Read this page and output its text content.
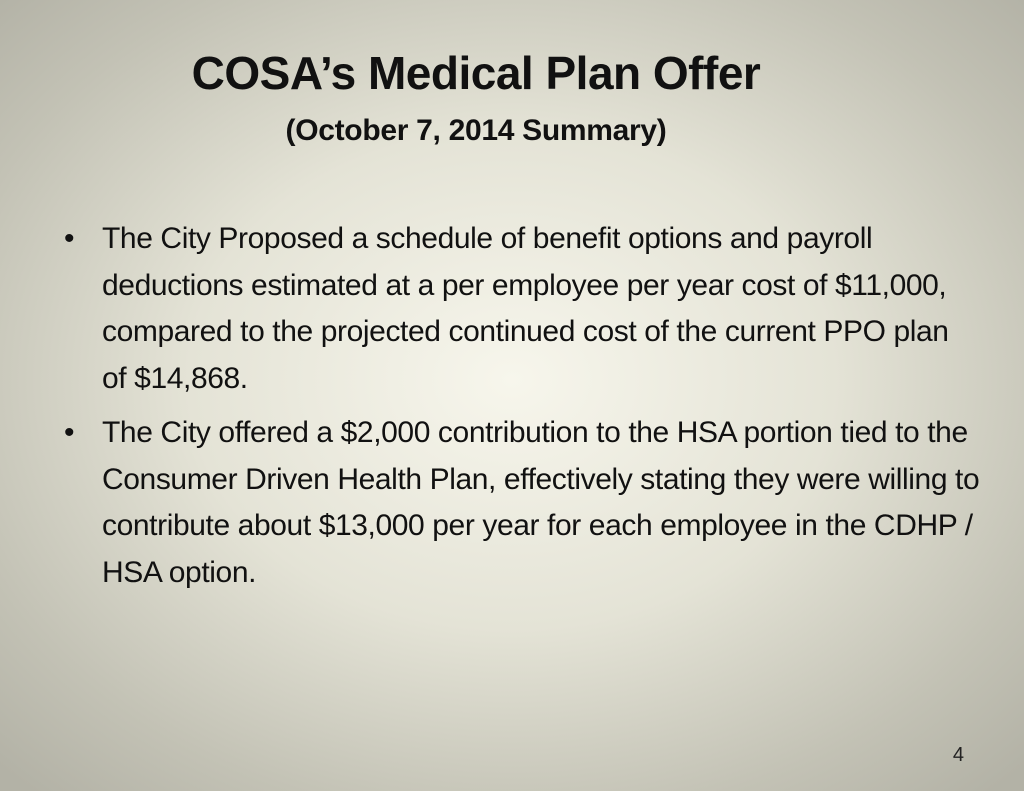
COSA’s Medical Plan Offer
(October 7, 2014 Summary)
• The City Proposed a schedule of benefit options and payroll deductions estimated at a per employee per year cost of $11,000, compared to the projected continued cost of the current PPO plan of $14,868.
• The City offered a $2,000 contribution to the HSA portion tied to the Consumer Driven Health Plan, effectively stating they were willing to contribute about $13,000 per year for each employee in the CDHP / HSA option.
4
